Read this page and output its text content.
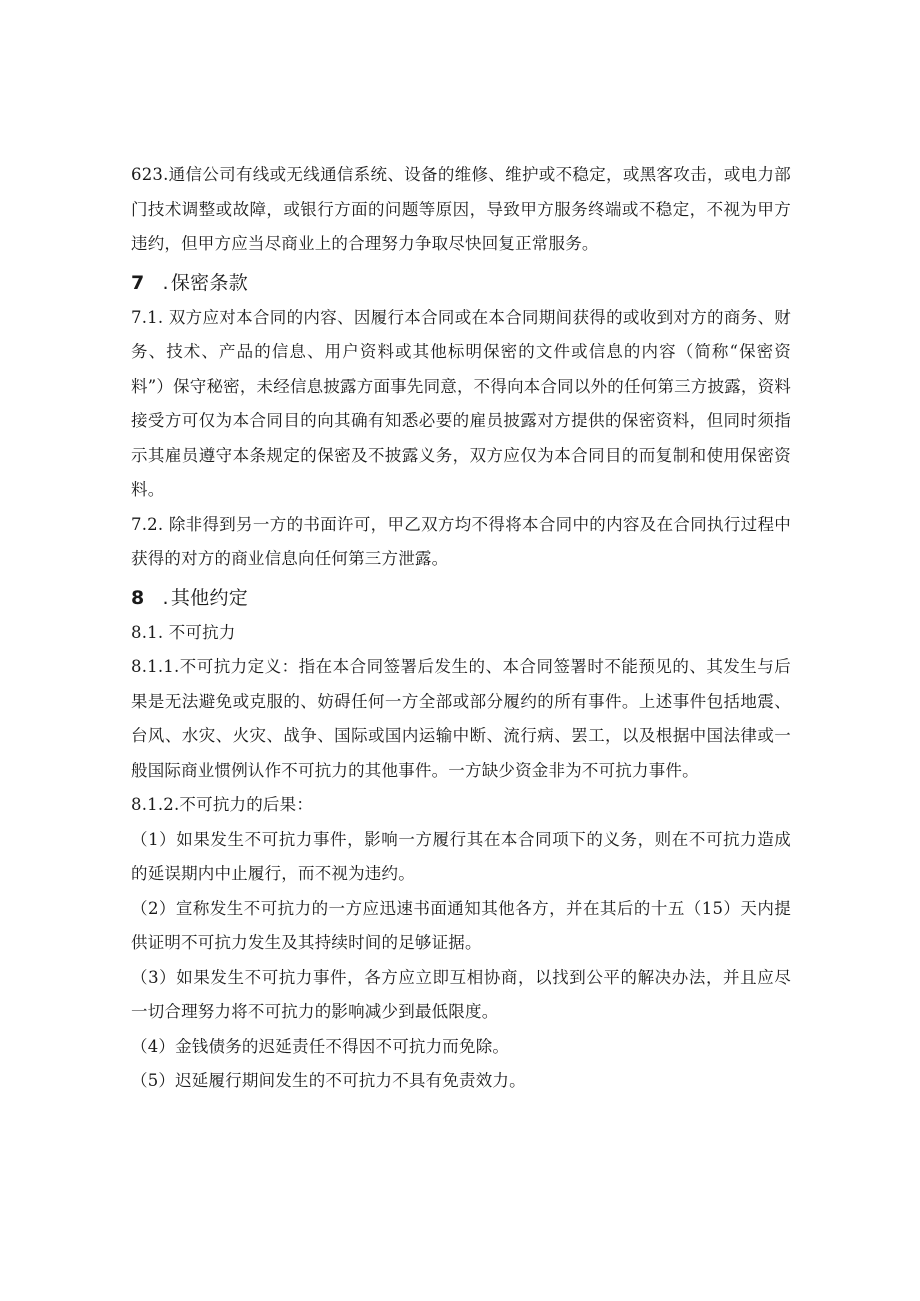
623.通信公司有线或无线通信系统、设备的维修、维护或不稳定，或黑客攻击，或电力部门技术调整或故障，或银行方面的问题等原因，导致甲方服务终端或不稳定，不视为甲方违约，但甲方应当尽商业上的合理努力争取尽快回复正常服务。

7 . 保密条款

7.1. 双方应对本合同的内容、因履行本合同或在本合同期间获得的或收到对方的商务、财务、技术、产品的信息、用户资料或其他标明保密的文件或信息的内容（简称“保密资料”）保守秘密，未经信息披露方面事先同意，不得向本合同以外的任何第三方披露，资料接受方可仅为本合同目的向其确有知悉必要的雇员披露对方提供的保密资料，但同时须指示其雇员遵守本条规定的保密及不披露义务，双方应仅为本合同目的而复制和使用保密资料。

7.2. 除非得到另一方的书面许可，甲乙双方均不得将本合同中的内容及在合同执行过程中获得的对方的商业信息向任何第三方泄露。

8 . 其他约定

8.1. 不可抗力

8.1.1.不可抗力定义：指在本合同签署后发生的、本合同签署时不能预见的、其发生与后果是无法避免或克服的、妨碍任何一方全部或部分履约的所有事件。上述事件包括地震、台风、水灾、火灾、战争、国际或国内运输中断、流行病、罢工，以及根据中国法律或一般国际商业惯例认作不可抗力的其他事件。一方缺少资金非为不可抗力事件。

8.1.2.不可抗力的后果：

（1）如果发生不可抗力事件，影响一方履行其在本合同项下的义务，则在不可抗力造成的延误期内中止履行，而不视为违约。

（2）宣称发生不可抗力的一方应迅速书面通知其他各方，并在其后的十五（15）天内提供证明不可抗力发生及其持续时间的足够证据。

（3）如果发生不可抗力事件，各方应立即互相协商，以找到公平的解决办法，并且应尽一切合理努力将不可抗力的影响减少到最低限度。

（4）金钱债务的迟延责任不得因不可抗力而免除。

（5）迟延履行期间发生的不可抗力不具有免责效力。
